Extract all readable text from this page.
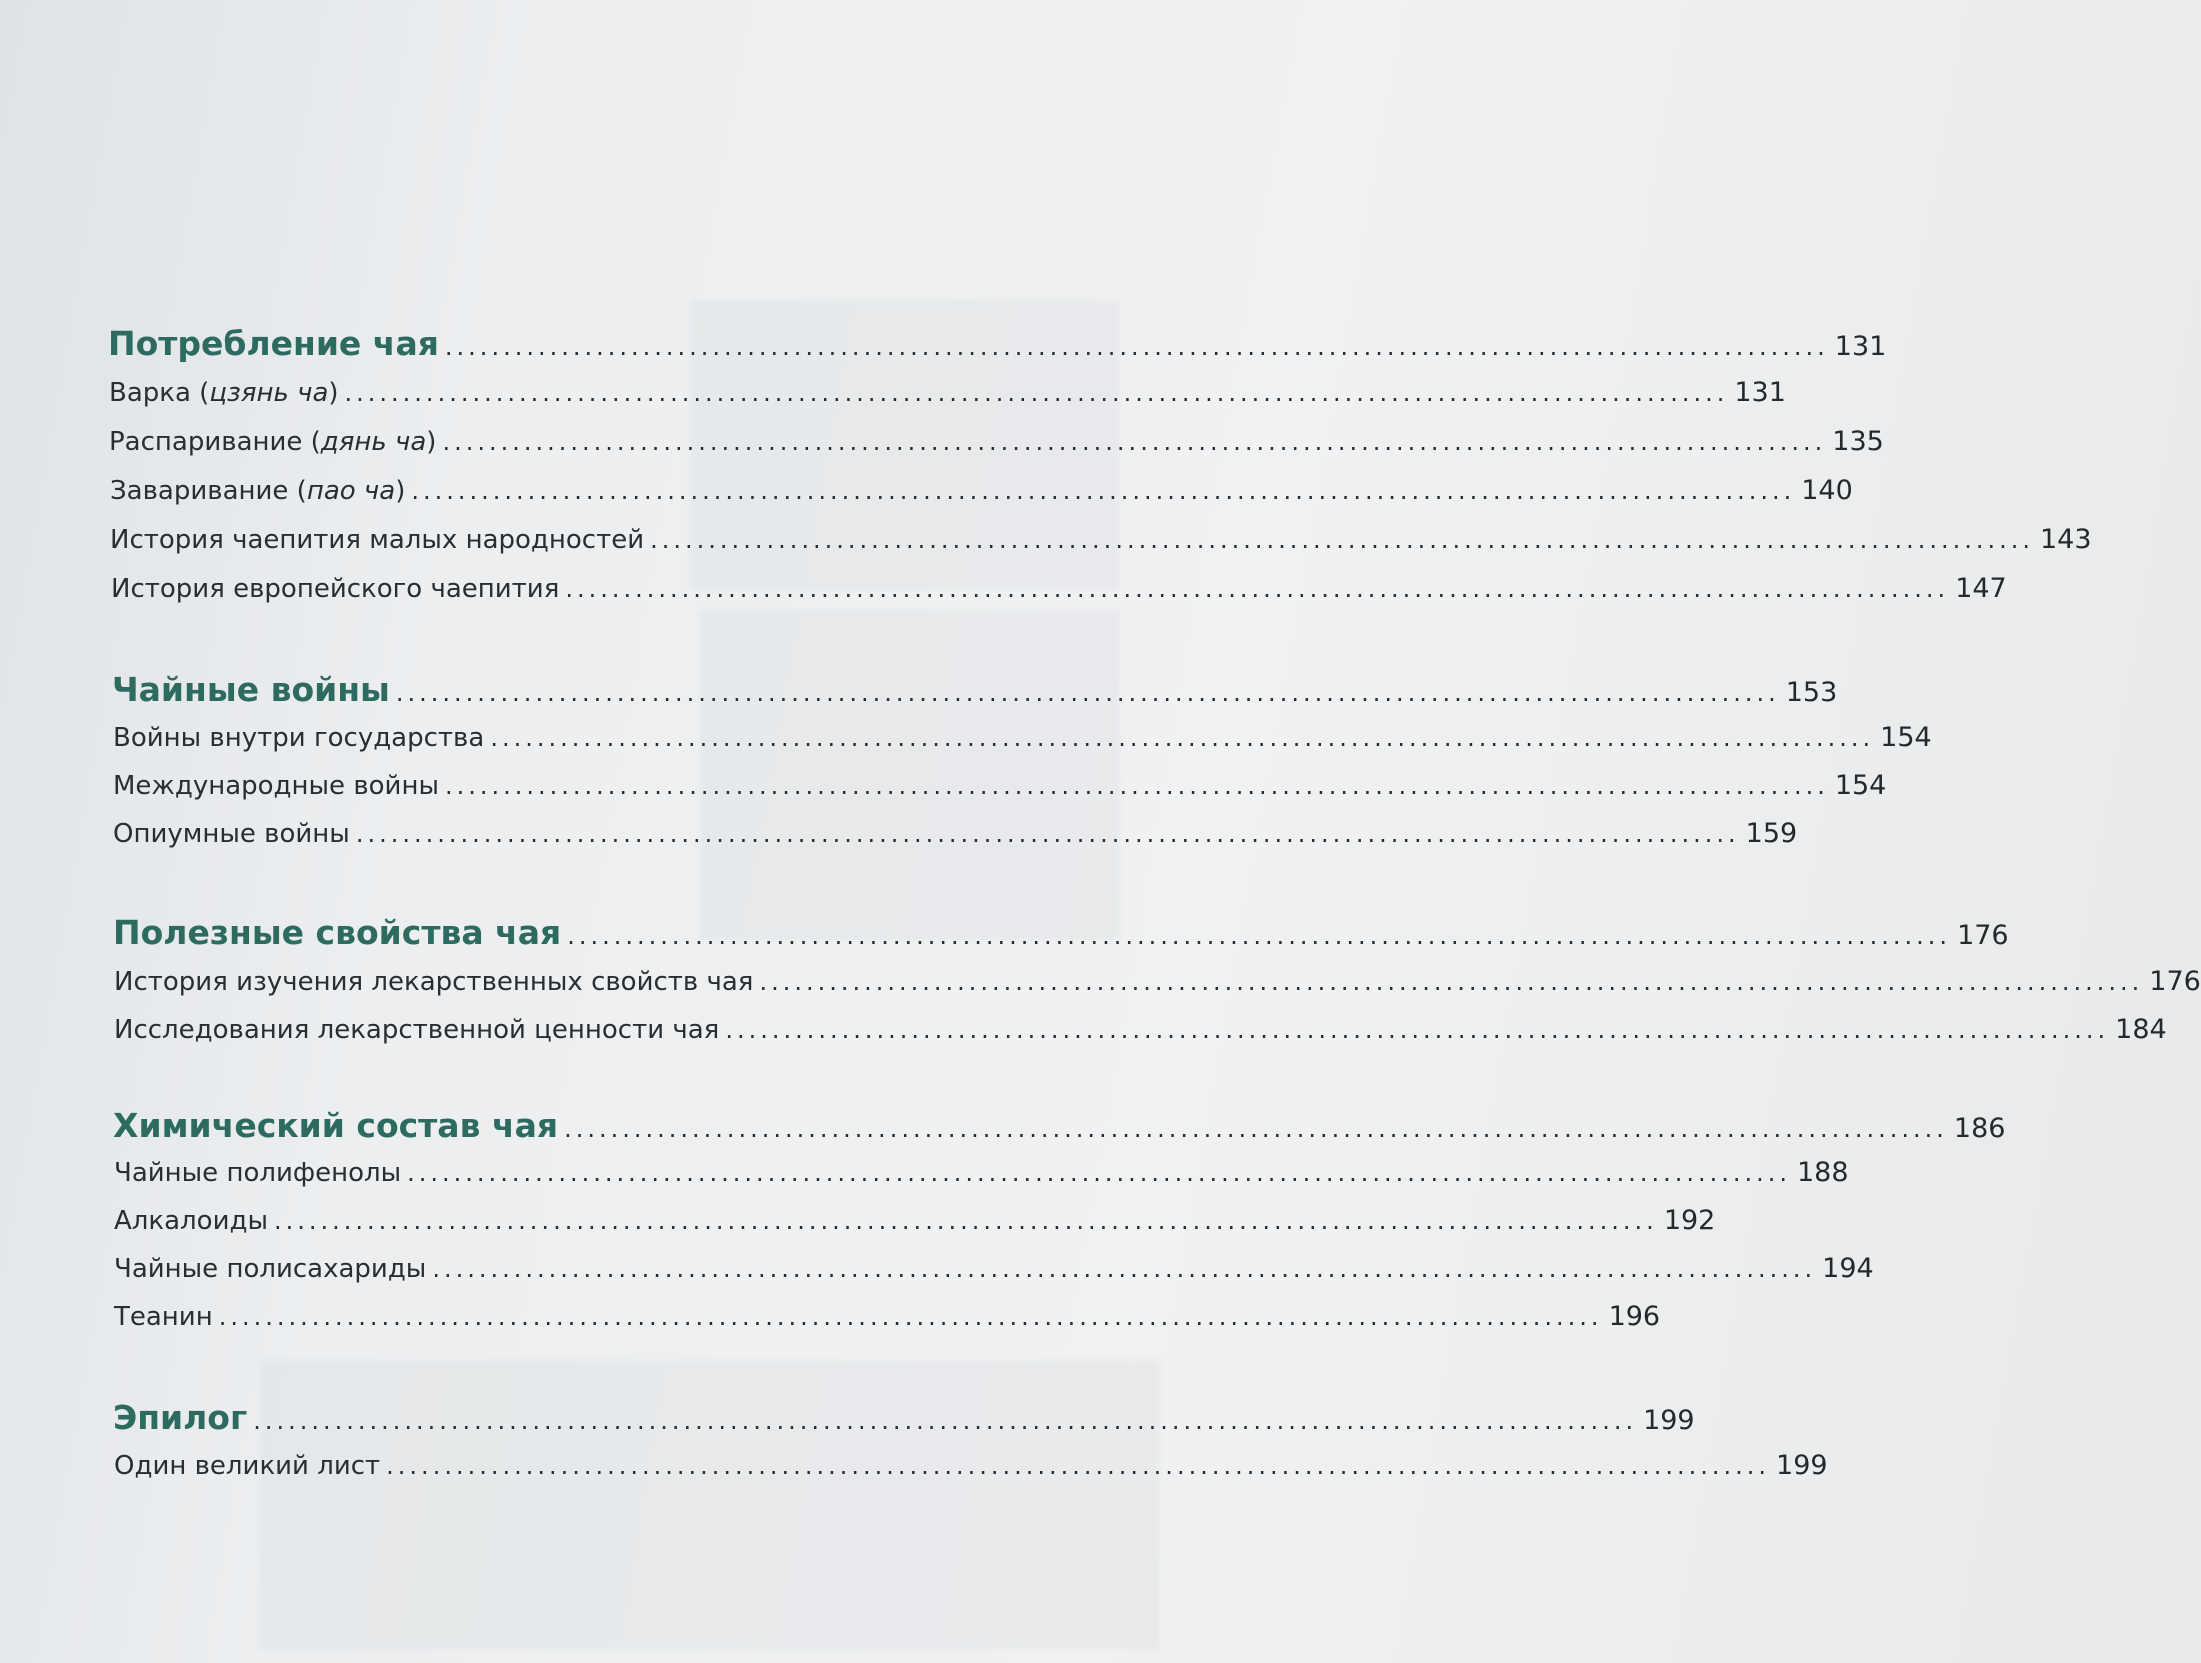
Потребление чая ....................................................................................................................... 131
Варка (цзянь ча) ....................................................................................................................... 131
Распаривание (дянь ча) ....................................................................................................................... 135
Заваривание (пао ча) ....................................................................................................................... 140
История чаепития малых народностей ....................................................................................................................... 143
История европейского чаепития ....................................................................................................................... 147
Чайные войны ....................................................................................................................... 153
Войны внутри государства ....................................................................................................................... 154
Международные войны ....................................................................................................................... 154
Опиумные войны ....................................................................................................................... 159
Полезные свойства чая ....................................................................................................................... 176
История изучения лекарственных свойств чая ....................................................................................................................... 176
Исследования лекарственной ценности чая ....................................................................................................................... 184
Химический состав чая ....................................................................................................................... 186
Чайные полифенолы ....................................................................................................................... 188
Алкалоиды ....................................................................................................................... 192
Чайные полисахариды ....................................................................................................................... 194
Теанин ....................................................................................................................... 196
Эпилог ....................................................................................................................... 199
Один великий лист ....................................................................................................................... 199
